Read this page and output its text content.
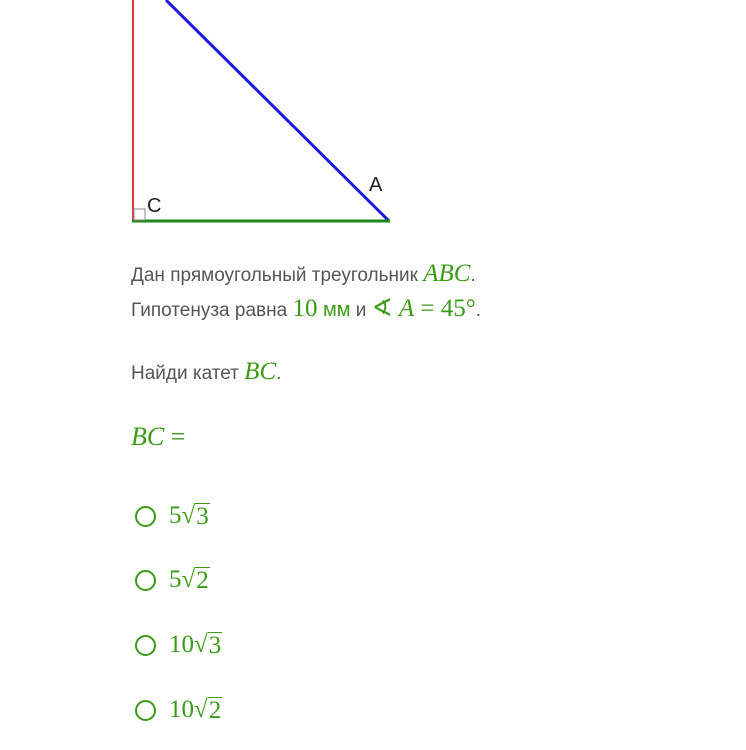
C
A
Дан прямоугольный треугольник ABC.
Гипотенуза равна 10 мм и ∢ A = 45°.
Найди катет BC.
BC =
5 √ 3
5 √ 2
10 √ 3
10 √ 2
